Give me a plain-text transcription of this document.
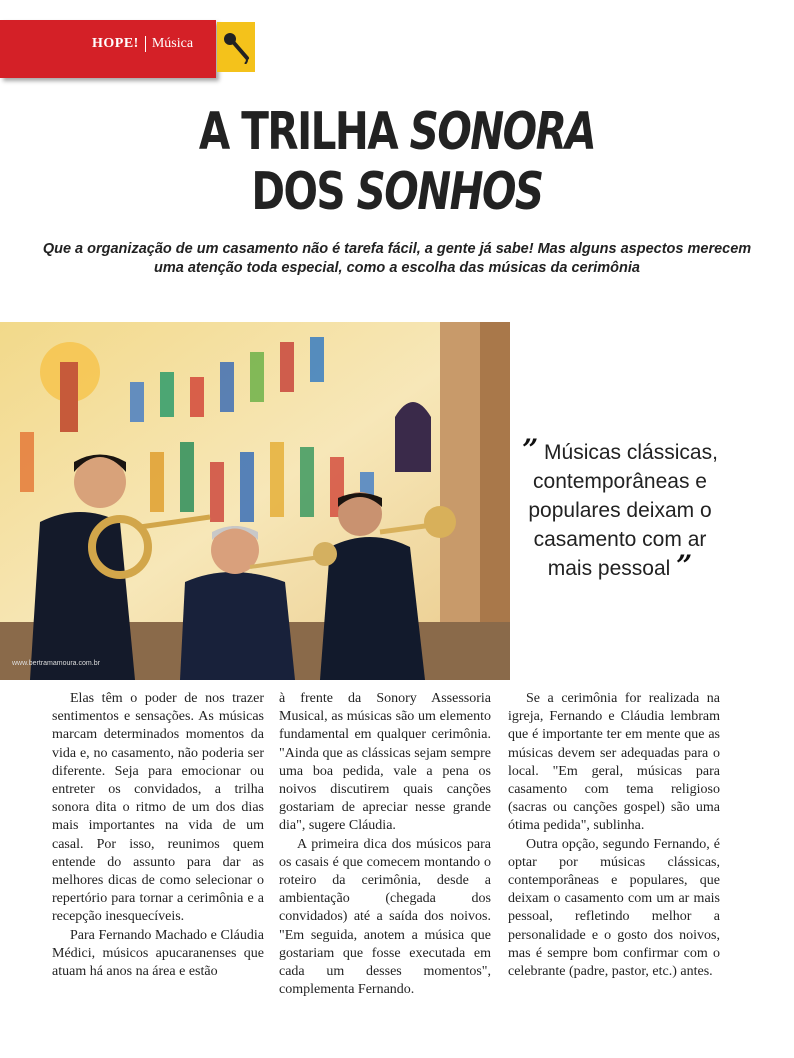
HOPE! Música
A TRILHA SONORA
DOS SONHOS
Que a organização de um casamento não é tarefa fácil, a gente já sabe! Mas alguns aspectos merecem uma atenção toda especial, como a escolha das músicas da cerimônia
www.bertramamoura.com.br
” Músicas clássicas, contemporâneas e populares deixam o casamento com ar mais pessoal ”

Elas têm o poder de nos trazer sentimentos e sensações. As músicas marcam determinados momentos da vida e, no casamento, não poderia ser diferente. Seja para emocionar ou entreter os convidados, a trilha sonora dita o ritmo de um dos dias mais importantes na vida de um casal. Por isso, reunimos quem entende do assunto para dar as melhores dicas de como selecionar o repertório para tornar a cerimônia e a recepção inesquecíveis.

Para Fernando Machado e Cláudia Médici, músicos apucaranenses que atuam há anos na área e estão

à frente da Sonory Assessoria Musical, as músicas são um elemento fundamental em qualquer cerimônia. "Ainda que as clássicas sejam sempre uma boa pedida, vale a pena os noivos discutirem quais canções gostariam de apreciar nesse grande dia", sugere Cláudia.

A primeira dica dos músicos para os casais é que comecem montando o roteiro da cerimônia, desde a ambientação (chegada dos convidados) até a saída dos noivos. "Em seguida, anotem a música que gostariam que fosse executada em cada um desses momentos", complementa Fernando.

Se a cerimônia for realizada na igreja, Fernando e Cláudia lembram que é importante ter em mente que as músicas devem ser adequadas para o local. "Em geral, músicas para casamento com tema religioso (sacras ou canções gospel) são uma ótima pedida", sublinha.

Outra opção, segundo Fernando, é optar por músicas clássicas, contemporâneas e populares, que deixam o casamento com um ar mais pessoal, refletindo melhor a personalidade e o gosto dos noivos, mas é sempre bom confirmar com o celebrante (padre, pastor, etc.) antes.
